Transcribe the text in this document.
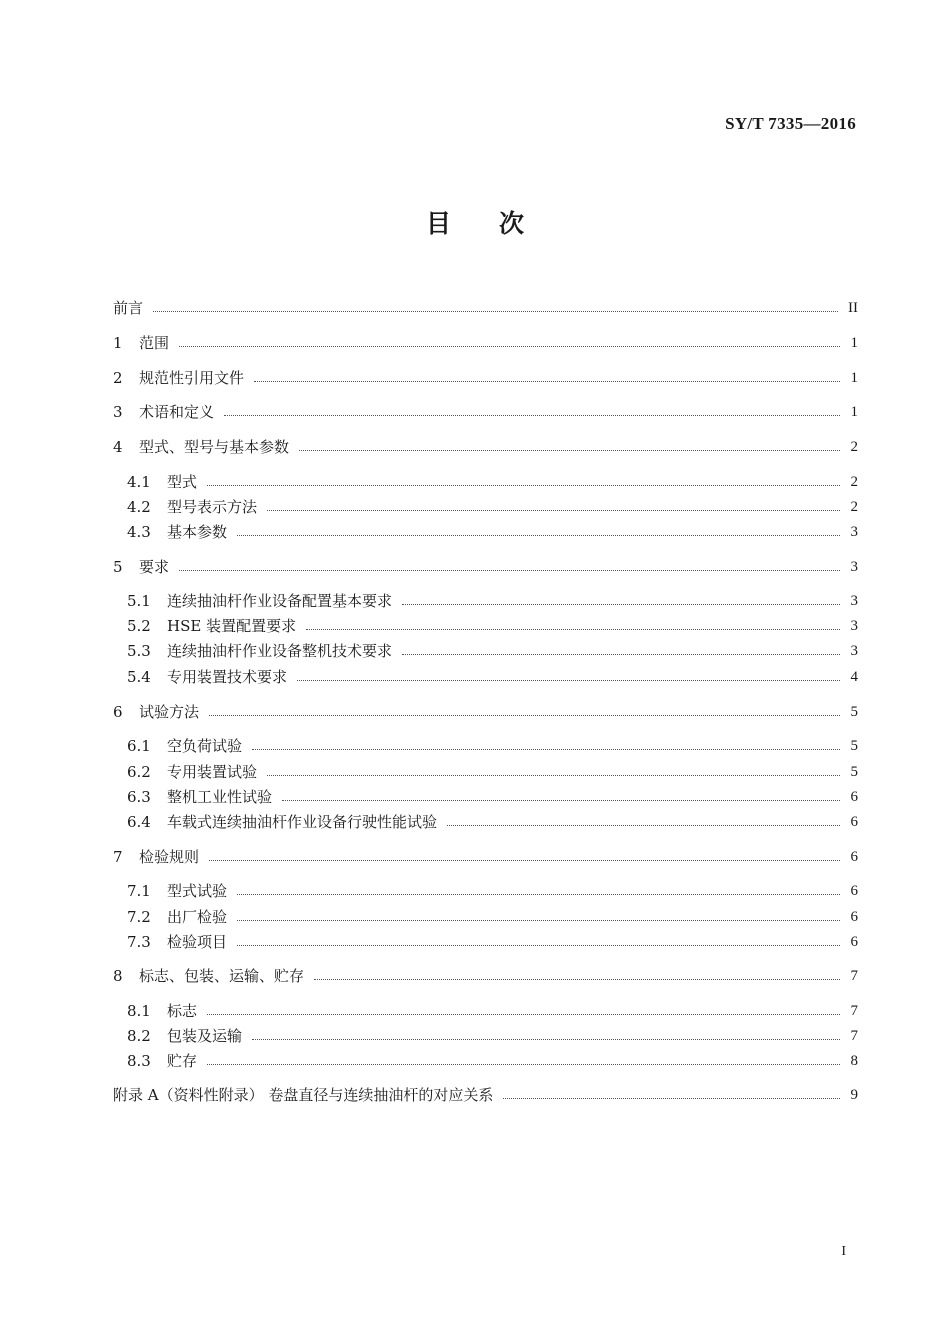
SY/T 7335—2016
目次
前言	II
1	范围	1
2	规范性引用文件	1
3	术语和定义	1
4	型式、型号与基本参数	2
4.1	型式	2
4.2	型号表示方法	2
4.3	基本参数	3
5	要求	3
5.1	连续抽油杆作业设备配置基本要求	3
5.2	HSE 装置配置要求	3
5.3	连续抽油杆作业设备整机技术要求	3
5.4	专用装置技术要求	4
6	试验方法	5
6.1	空负荷试验	5
6.2	专用装置试验	5
6.3	整机工业性试验	6
6.4	车载式连续抽油杆作业设备行驶性能试验	6
7	检验规则	6
7.1	型式试验	6
7.2	出厂检验	6
7.3	检验项目	6
8	标志、包装、运输、贮存	7
8.1	标志	7
8.2	包装及运输	7
8.3	贮存	8
附录 A（资料性附录） 卷盘直径与连续抽油杆的对应关系	9
I
